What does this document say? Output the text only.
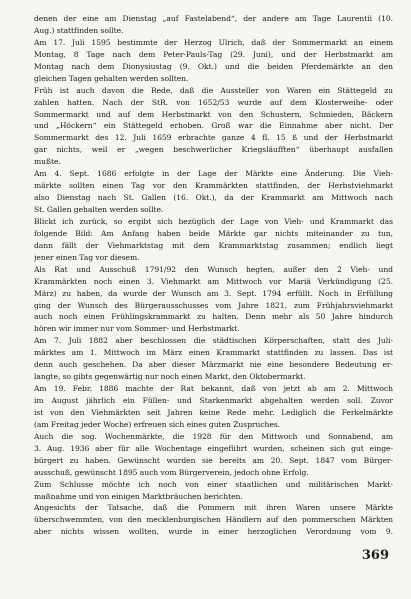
denen der eine am Dienstag „auf Fastelabend“, der andere am Tage Laurentii (10.
Aug.) stattfinden sollte.
Am 17. Juli 1595 bestimmte der Herzog Ulrich, daß der Sommermarkt an einem
Montag, 8 Tage nach dem Peter-Pauls-Tag (29. Juni), und der Herbstmarkt am
Montag nach dem Dionysiustag (9. Okt.) und die beiden Pferdemärkte an den
gleichen Tagen gehalten werden sollten.
Früh ist auch davon die Rede, daß die Aussteller von Waren ein Stättegeld zu
zahlen hatten. Nach der StR. von 1652/53 wurde auf dem Klosterweihe- oder
Sommermarkt und auf dem Herbstmarkt von den Schustern, Schmieden, Bäckern
und „Höckern“ ein Stättegeld erhoben. Groß war die Einnahme aber nicht. Der
Sommermarkt des 12. Juli 1659 erbrachte ganze 4 fl. 15 ß und der Herbstmarkt
gar nichts, weil er „wegen beschwerlicher Kriegsläufften“ überhaupt ausfallen
mußte.
Am 4. Sept. 1686 erfolgte in der Lage der Märkte eine Änderung. Die Vieh-
märkte sollten einen Tag vor den Krammärkten stattfinden, der Herbstviehmarkt
also Dienstag nach St. Gallen (16. Okt.), da der Krammarkt am Mittwoch nach
St. Gallen gehalten werden sollte.
Blickt ich zurück, so ergibt sich bezüglich der Lage von Vieh- und Krammarkt das
folgende Bild: Am Anfang haben beide Märkte gar nichts miteinander zu tun,
dann fällt der Viehmarktstag mit dem Krammarktstag zusammen; endlich liegt
jener einen Tag vor diesem.
Als Rat und Ausschuß 1791/92 den Wunsch hegten, außer den 2 Vieh- und
Krammärkten noch einen 3. Viehmarkt am Mittwoch vor Mariä Verkündigung (25.
März) zu haben, da wurde der Wunsch am 3. Sept. 1794 erfüllt. Noch in Erfüllung
ging der Wunsch des Bürgerausschusses vom Jahre 1821, zum Frühjahrsviehmarkt
auch noch einen Frühlingskrammarkt zu halten. Denn mehr als 50 Jahre hindurch
hören wir immer nur vom Sommer- und Herbstmarkt.
Am 7. Juli 1882 aber beschlossen die städtischen Körperschaften, statt des Juli-
märktes am 1. Mittwoch im März einen Krammarkt stattfinden zu lassen. Das ist
denn auch geschehen. Da aber dieser Märzmarkt nie eine besondere Bedeutung er-
langte, so gibts gegenwärtig nur noch einen Markt, den Oktobermarkt.
Am 19. Febr. 1886 machte der Rat bekannt, daß von jetzt ab am 2. Mittwoch
im August jährlich ein Füllen- und Starkenmarkt abgehalten werden soll. Zuvor
ist von den Viehmärkten seit Jahren keine Rede mehr. Lediglich die Ferkelmärkte
(am Freitag jeder Woche) erfreuen sich eines guten Zuspruches.
Auch die sog. Wochenmärkte, die 1928 für den Mittwoch und Sonnabend, am
3. Aug. 1936 aber für alle Wochentage eingeführt wurden, scheinen sich gut einge-
bürgert zu haben. Gewünscht wurden sie bereits am 20. Sept. 1847 vom Bürger-
ausschuß, gewünscht 1895 auch vom Bürgerverein, jedoch ohne Erfolg.
Zum Schlusse möchte ich noch von einer staatlichen und militärischen Markt-
maßnahme und von einigen Marktbräuchen berichten.
Angesichts der Tatsache, daß die Pommern mit ihren Waren unsere Märkte
überschwemmten, von den mecklenburgischen Händlern auf den pommerschen Märkten
aber nichts wissen wollten, wurde in einer herzoglichen Verordnung vom 9.
369
